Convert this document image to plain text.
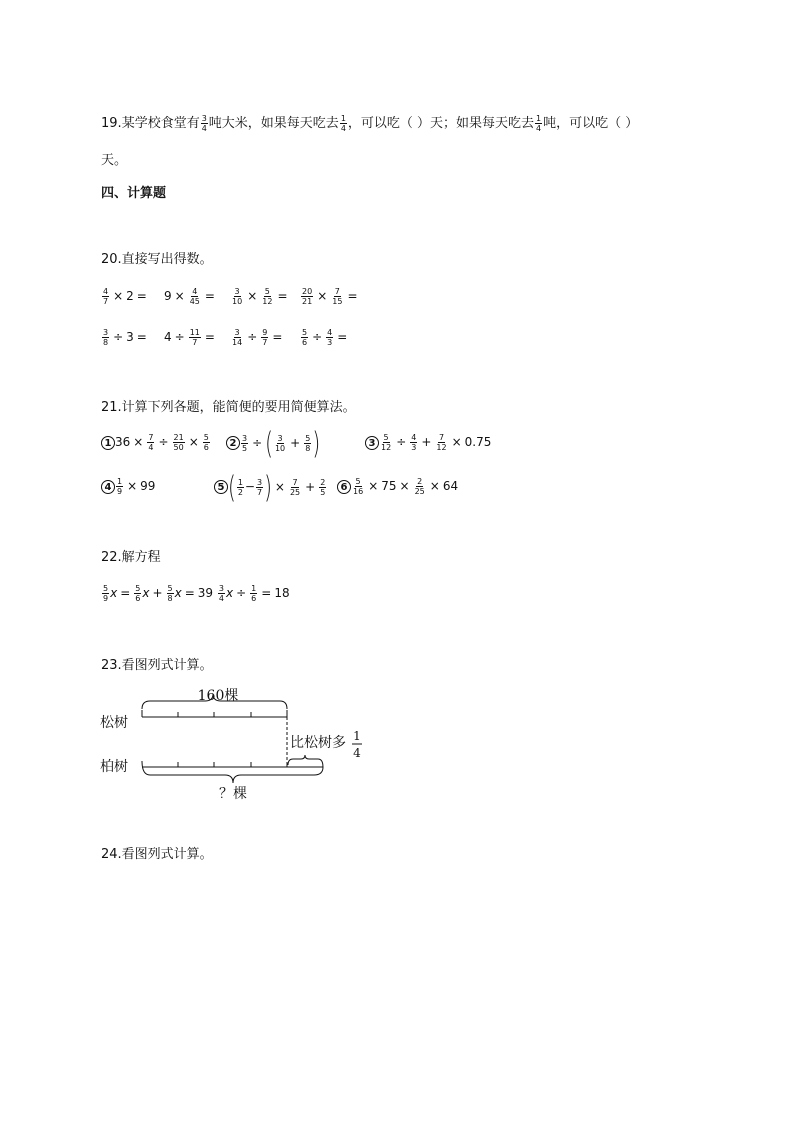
19.某学校食堂有 $\frac{3}{4}$ 吨大米，如果每天吃去 $\frac{1}{4}$ ，可以吃（ ）天；如果每天吃去 $\frac{1}{4}$ 吨，可以吃（ ）
天。
四、计算题
20.直接写出得数。
$\frac{4}{7} \times 2 = 9 \times \frac{4}{45}$ =	$\frac{3}{10} \times \frac{5}{12}$ =	$\frac{20}{21} \times \frac{7}{15}$ =
$\frac{3}{8} \div 3 = 4 \div \frac{11}{7}$ =	$\frac{3}{14} \div \frac{9}{7}$ =	$\frac{5}{6} \div \frac{4}{3}$ =
21.计算下列各题，能简便的要用简便算法。
1 $36 \times \frac{7}{4} \div \frac{21}{50} \times \frac{5}{6}$	$2 \frac{3}{5}$ ÷ ( $\frac{3}{10} + \frac{5}{8}$ )	$3 \frac{5}{12} \div \frac{4}{3} + \frac{7}{12} \times 0.75$
$4 \frac{1}{9} \times 99$	5 ( $\frac{1}{2} - \frac{3}{7}$ ) × $\frac{7}{25} + \frac{2}{5}$	$6 \frac{5}{16} \times 75 \times \frac{2}{25} \times 64$
22.解方程
$\frac{5}{9}$ $x = \frac{5}{6}$ $x + \frac{5}{8}$ $x = 39 \frac{3}{4}$ $x \div \frac{1}{6} = 18$
23.看图列式计算。
160棵
松树
比松树多 1
4
柏树
？棵
24.看图列式计算。
